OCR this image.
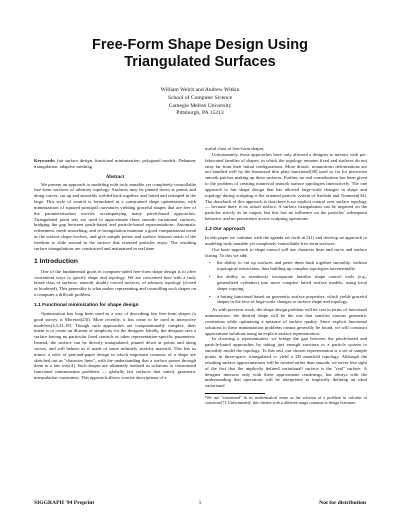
Free-Form Shape Design Using
Triangulated Surfaces
William Welch and Andrew Witkin
School of Computer Science
Carnegie Mellon University
Pittsburgh, PA 15213

Keywords: fair surface design, functional minimization, polygonal models, Delaunay triangulation, adaptive meshing

Abstract

We present an approach to modeling with truly mutable yet completely controllable free-form surfaces of arbitrary topology. Surfaces may be pinned down at points and along curves, cut up and smoothly welded back together, and faired and reshaped in the large. This style of control is formulated as a constrained shape optimization, with minimization of squared principal curvatures yielding graceful shapes that are free of the parameterization worries accompanying many patch-based approaches. Triangulated point sets are used to approximate these smooth variational surfaces, bridging the gap between patch-based and particle-based representations. Automatic refinement, mesh smoothing, and re-triangulation maintain a good computational mesh as the surface shape evolves, and give sample points and surface features much of the freedom to slide around in the surface that oriented particles enjoy. The resulting surface triangulations are constructed and maintained in real time.

1 Introduction

One of the fundamental goals in computer-aided free-form shape design is to offer convenient ways to specify shape and topology. We are concerned here with a truly broad class of surfaces: smooth, doubly curved surfaces, of arbitrary topology (closed or bordered). This generality is what makes representing and controlling such shapes on a computer a difficult problem.

1.1 Functional minimization for shape design

Optimization has long been used as a way of describing fair free-form shapes (a good survey is Moreton[23]). More recently, it has come to be used in interactive modelers[4,5,41,18]. Though such approaches are computationally complex, their intent is to create an illusion of simplicity for the designer. Ideally, the designer sees a surface having no particular fixed controls or other representation-specific parameters. Instead, the surface can be directly manipulated, pinned down at points and along curves, and will behave as if made of some infinitely stretchy material. This lets us mimic a style of pen-and-paper design in which important contours of a shape are sketched out as "character lines", with the understanding that a surface passes through them in a fair way[4]. Such shapes are ultimately realized as solutions to constrained functional minimization problems — globally fair surfaces that satisfy geometric interpolation constraints. This approach allows concise descriptions of a

useful class of free-form shapes.

Unfortunately, those approaches have only allowed a designer to interact with pre-fabricated families of shapes, in which the topology remains fixed and surfaces do not stray far from their initial configurations. More drastic, nonuniform deformations are not handled well by the linearized thin plate functional[38] used so far for piecewise smooth patches making up these surfaces. Further, no real consideration has been given to the problem of creating nontrivial smooth surface topologies interactively. The one approach to fair shape design that has allowed large-scale changes in shape and topology during sculpting is the oriented particle system of Szeliski and Tonnesen[34]. The drawback of this approach is that there is no explicit control over surface topology — because there is no actual surface. A surface triangulation can be imposed on the particles strictly as an output, but this has no influence on the particles' subsequent behavior, and no persistence across sculpting operations.

1.2 Our approach

In this paper we continue with the agenda set forth in [41] and develop an approach to modeling truly mutable yet completely controllable free-form surfaces.

Our basic approach to shape control will use character lines and curve and surface fairing. To this we add:

• the ability to cut up surfaces and paste them back together smoothly, without topological restrictions, thus building up complex topologies incrementally.
• the ability to seamlessly incorporate familiar shape control tools (e.g., generalized cylinders) into more complex faired surface models, using local shape copying.
• a fairing functional based on geometric surface properties, which yields graceful shapes in the face of large-scale changes to surface shape and topology.

As with previous work, the shape design problem will be cast in terms of functional minimization: the desired shape will be the one that satisfies various geometric constraints while optimizing a measure of surface quality. Since explicit functional solutions to these minimization problems cannot generally be found, we will construct approximate solutions using an explicit surface representation.

In choosing a representation, we bridge the gap between the patch-based and particle-based approaches by taking just enough structure to a particle system to smoothly model the topology. To this end, our chosen representation is a set of sample points in three-space, triangulated to yield a 2D manifold topology. Although the resulting surface approximations will be faceted rather than smooth, we never lose sight of the fact that the implicitly defined variational¹ surface is the "real" surface. A designer interacts only with these approximate renderings, but always with the understanding that operations will be interpreted as implicitly defining an ideal variational

¹We use "variational" in its mathematical sense as the solution of a problem in calculus of variations[7]. Unfortunately, this clashes with a different usage common in design literature.
SIGGRAPH '94 Preprint	1	Not for distribution
